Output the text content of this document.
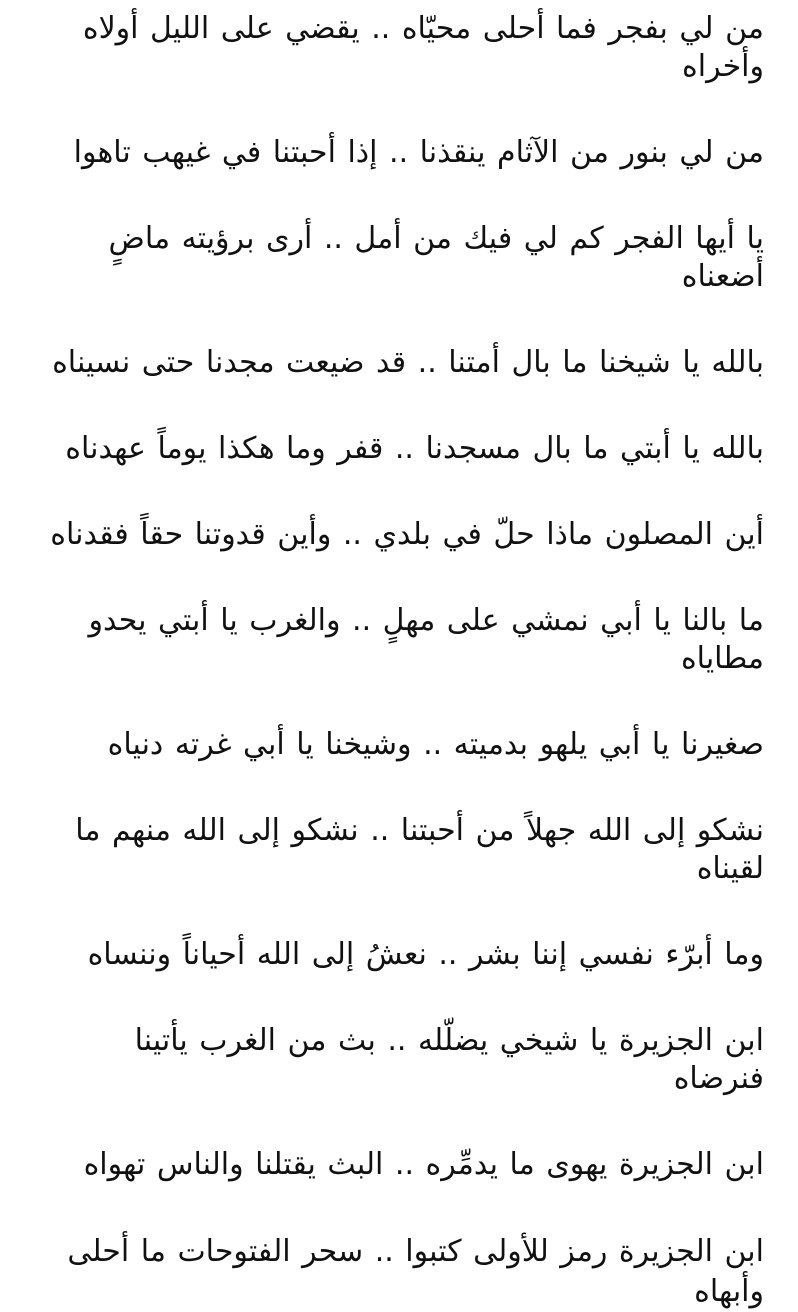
من لي بفجر فما أحلى محيّاه .. يقضي على الليل أولاه وأخراه
من لي بنور من الآثام ينقذنا .. إذا أحبتنا في غيهب تاهوا
يا أيها الفجر كم لي فيك من أمل .. أرى برؤيته ماضٍ أضعناه
بالله يا شيخنا ما بال أمتنا .. قد ضيعت مجدنا حتى نسيناه
بالله يا أبتي ما بال مسجدنا .. قفر وما هكذا يوماً عهدناه
أين المصلون ماذا حلّ في بلدي .. وأين قدوتنا حقاً فقدناه
ما بالنا يا أبي نمشي على مهلٍ .. والغرب يا أبتي يحدو مطاياه
صغيرنا يا أبي يلهو بدميته .. وشيخنا يا أبي غرته دنياه
نشكو إلى الله جهلاً من أحبتنا .. نشكو إلى الله منهم ما لقيناه
وما أبرّء نفسي إننا بشر .. نعشُ إلى الله أحياناً وننساه
ابن الجزيرة يا شيخي يضلّله .. بث من الغرب يأتينا فنرضاه
ابن الجزيرة يهوى ما يدمِّره .. البث يقتلنا والناس تهواه
ابن الجزيرة رمز للأولى كتبوا .. سحر الفتوحات ما أحلى وأبهاه
